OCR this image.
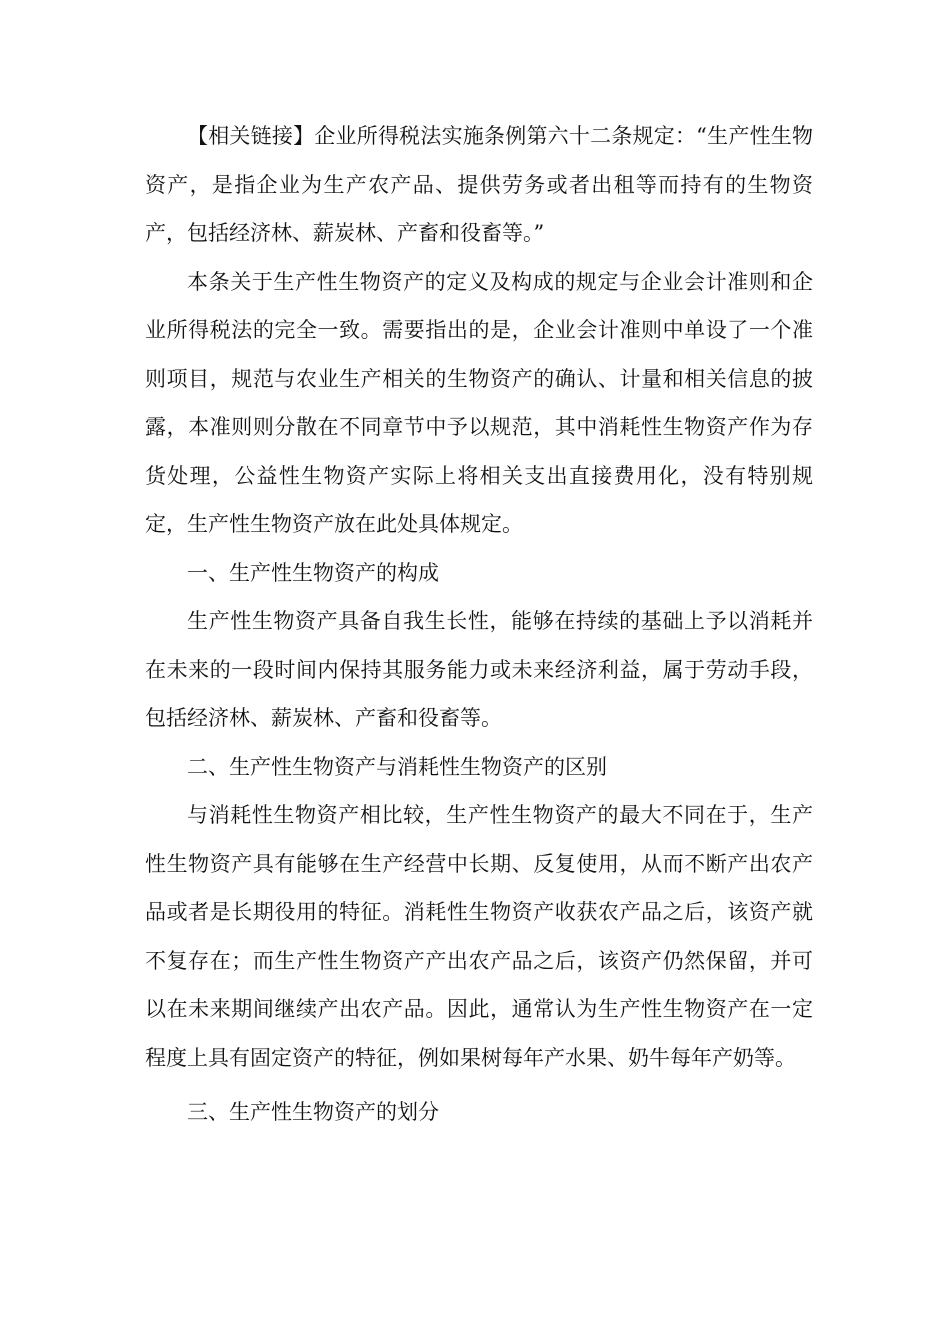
【相关链接】企业所得税法实施条例第六十二条规定：“生产性生物资产，是指企业为生产农产品、提供劳务或者出租等而持有的生物资产，包括经济林、薪炭林、产畜和役畜等。”

本条关于生产性生物资产的定义及构成的规定与企业会计准则和企业所得税法的完全一致。需要指出的是，企业会计准则中单设了一个准则项目，规范与农业生产相关的生物资产的确认、计量和相关信息的披露，本准则则分散在不同章节中予以规范，其中消耗性生物资产作为存货处理，公益性生物资产实际上将相关支出直接费用化，没有特别规定，生产性生物资产放在此处具体规定。

一、生产性生物资产的构成

生产性生物资产具备自我生长性，能够在持续的基础上予以消耗并在未来的一段时间内保持其服务能力或未来经济利益，属于劳动手段，包括经济林、薪炭林、产畜和役畜等。

二、生产性生物资产与消耗性生物资产的区别

与消耗性生物资产相比较，生产性生物资产的最大不同在于，生产性生物资产具有能够在生产经营中长期、反复使用，从而不断产出农产品或者是长期役用的特征。消耗性生物资产收获农产品之后，该资产就不复存在；而生产性生物资产产出农产品之后，该资产仍然保留，并可以在未来期间继续产出农产品。因此，通常认为生产性生物资产在一定程度上具有固定资产的特征，例如果树每年产水果、奶牛每年产奶等。

三、生产性生物资产的划分
